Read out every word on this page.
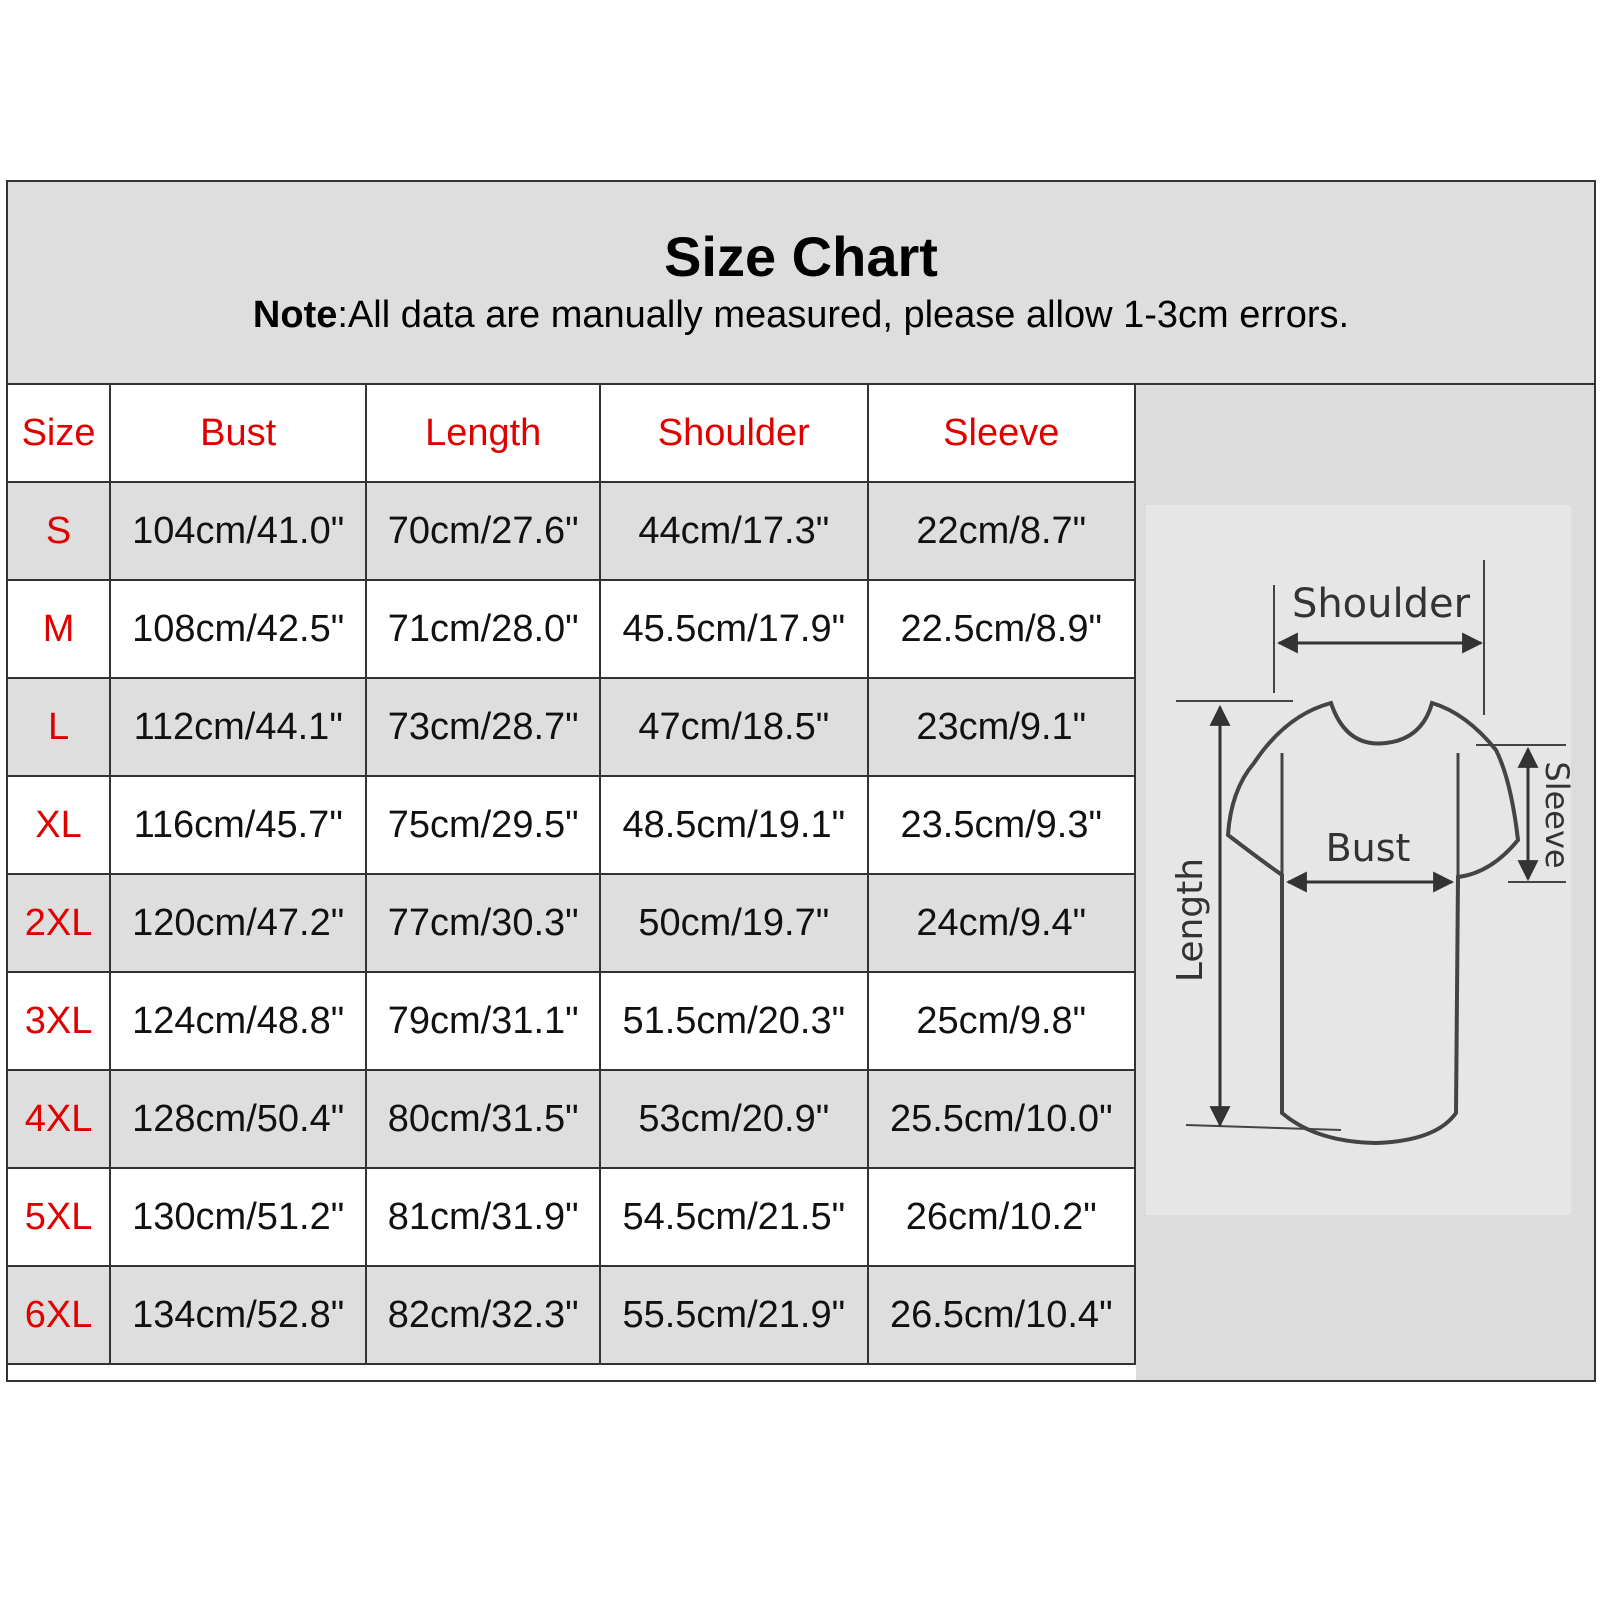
Size Chart
Note:All data are manually measured, please allow 1-3cm errors.
Size	Bust	Length	Shoulder	Sleeve
S	104cm/41.0"	70cm/27.6"	44cm/17.3"	22cm/8.7"
M	108cm/42.5"	71cm/28.0"	45.5cm/17.9"	22.5cm/8.9"
L	112cm/44.1"	73cm/28.7"	47cm/18.5"	23cm/9.1"
XL	116cm/45.7"	75cm/29.5"	48.5cm/19.1"	23.5cm/9.3"
2XL	120cm/47.2"	77cm/30.3"	50cm/19.7"	24cm/9.4"
3XL	124cm/48.8"	79cm/31.1"	51.5cm/20.3"	25cm/9.8"
4XL	128cm/50.4"	80cm/31.5"	53cm/20.9"	25.5cm/10.0"
5XL	130cm/51.2"	81cm/31.9"	54.5cm/21.5"	26cm/10.2"
6XL	134cm/52.8"	82cm/32.3"	55.5cm/21.9"	26.5cm/10.4"
Shoulder
Length
Sleeve
Bust
